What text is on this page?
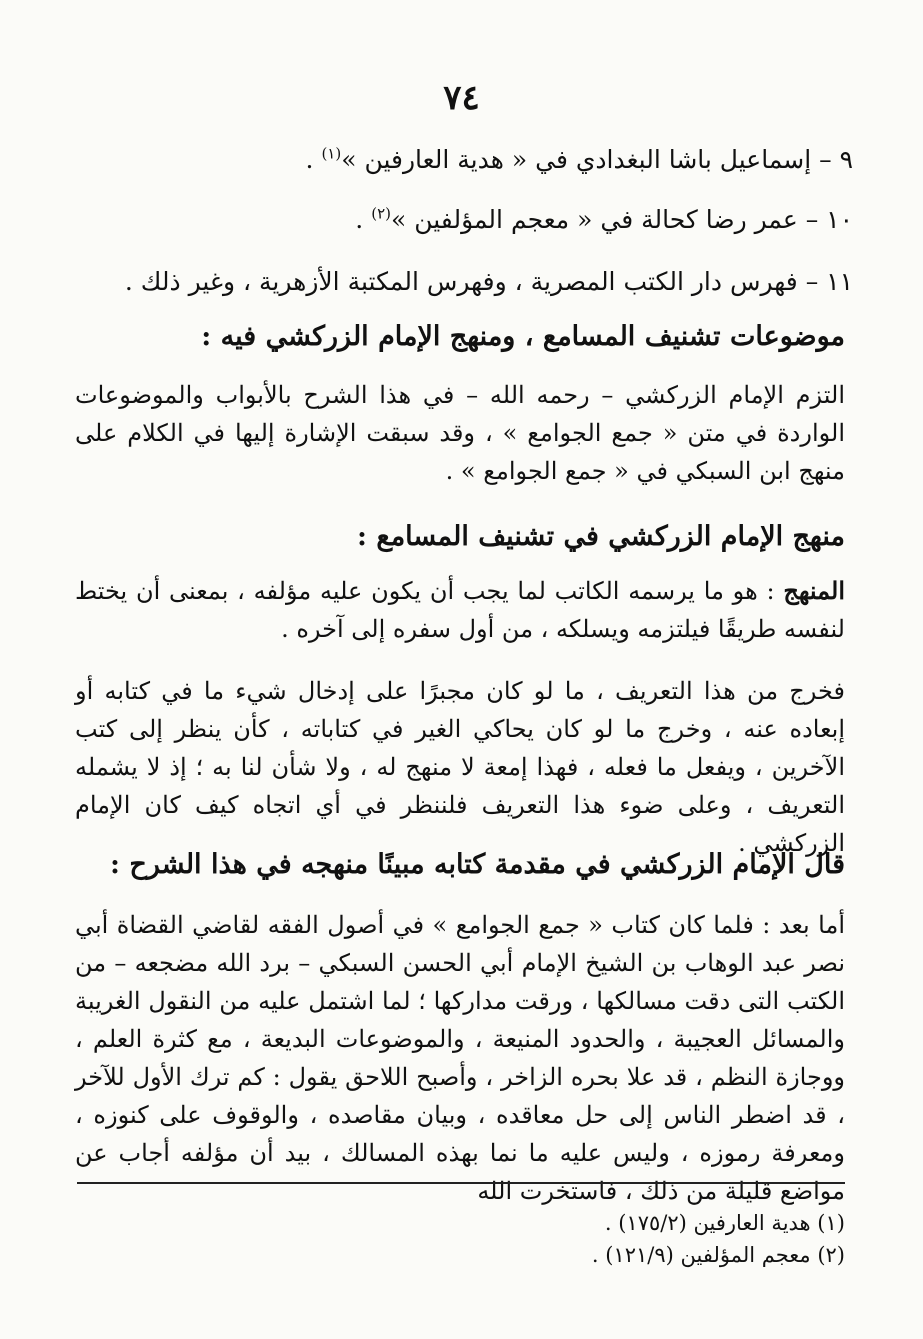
٧٤
٩ – إسماعيل باشا البغدادي في « هدية العارفين »$^{(١)}$ .
١٠ – عمر رضا كحالة في « معجم المؤلفين »$^{(٢)}$ .
١١ – فهرس دار الكتب المصرية ، وفهرس المكتبة الأزهرية ، وغير ذلك .
موضوعات تشنيف المسامع ، ومنهج الإمام الزركشي فيه :
التزم الإمام الزركشي – رحمه الله – في هذا الشرح بالأبواب والموضوعات الواردة في متن « جمع الجوامع » ، وقد سبقت الإشارة إليها في الكلام على منهج ابن السبكي في « جمع الجوامع » .
منهج الإمام الزركشي في تشنيف المسامع :
المنهج : هو ما يرسمه الكاتب لما يجب أن يكون عليه مؤلفه ، بمعنى أن يختط لنفسه طريقًا فيلتزمه ويسلكه ، من أول سفره إلى آخره .
فخرج من هذا التعريف ، ما لو كان مجبرًا على إدخال شيء ما في كتابه أو إبعاده عنه ، وخرج ما لو كان يحاكي الغير في كتاباته ، كأن ينظر إلى كتب الآخرين ، ويفعل ما فعله ، فهذا إمعة لا منهج له ، ولا شأن لنا به ؛ إذ لا يشمله التعريف ، وعلى ضوء هذا التعريف فلننظر في أي اتجاه كيف كان الإمام الزركشي .
قال الإمام الزركشي في مقدمة كتابه مبينًا منهجه في هذا الشرح :
أما بعد : فلما كان كتاب « جمع الجوامع » في أصول الفقه لقاضي القضاة أبي نصر عبد الوهاب بن الشيخ الإمام أبي الحسن السبكي – برد الله مضجعه – من الكتب التى دقت مسالكها ، ورقت مداركها ؛ لما اشتمل عليه من النقول الغريبة والمسائل العجيبة ، والحدود المنيعة ، والموضوعات البديعة ، مع كثرة العلم ، ووجازة النظم ، قد علا بحره الزاخر ، وأصبح اللاحق يقول : كم ترك الأول للآخر ، قد اضطر الناس إلى حل معاقده ، وبيان مقاصده ، والوقوف على كنوزه ، ومعرفة رموزه ، وليس عليه ما نما بهذه المسالك ، بيد أن مؤلفه أجاب عن مواضع قليلة من ذلك ، فاستخرت الله
(١) هدية العارفين (١٧٥/٢) .
(٢) معجم المؤلفين (١٢١/٩) .
